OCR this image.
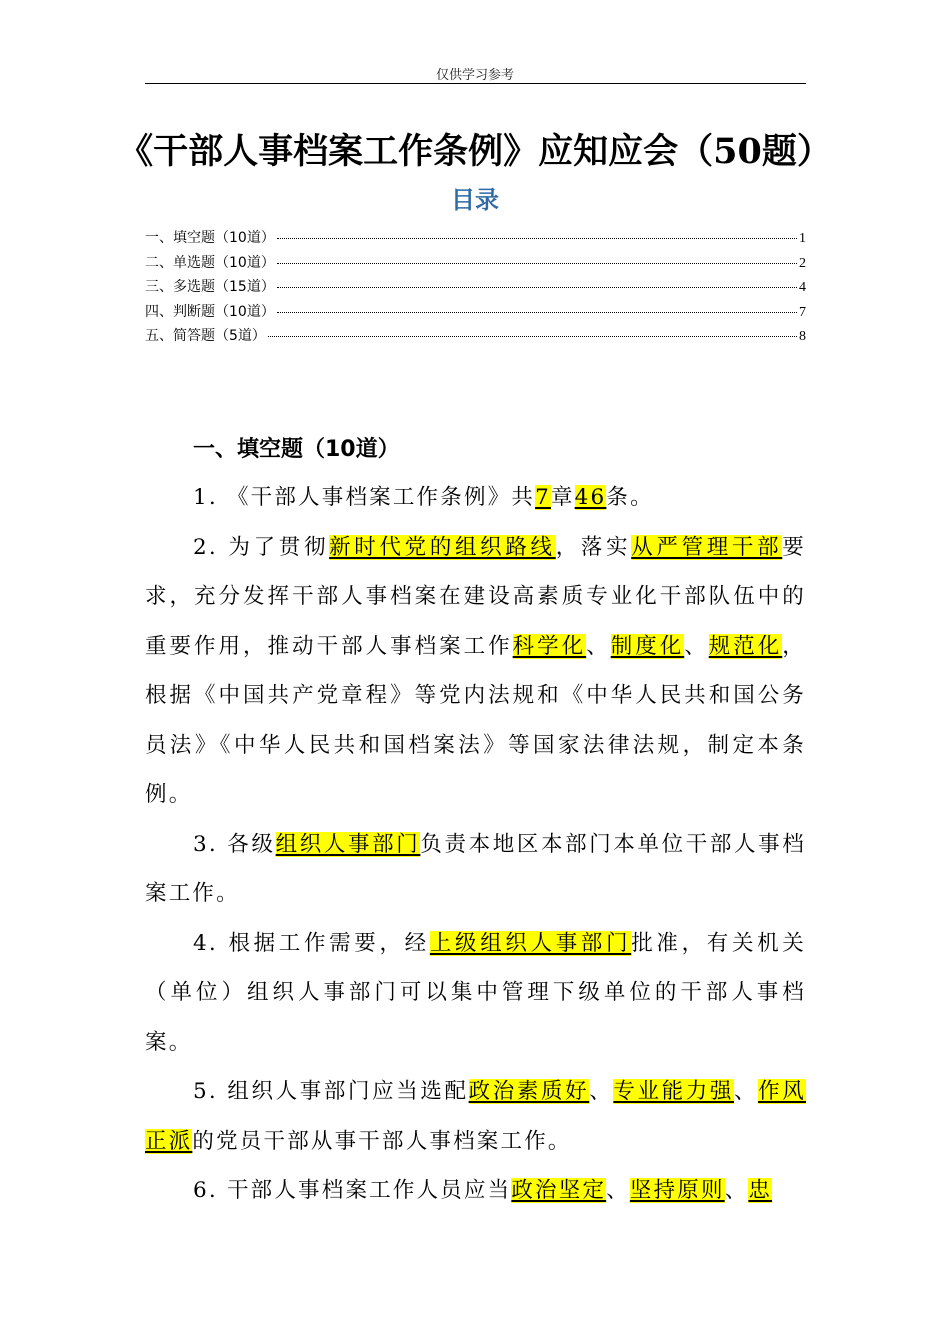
仅供学习参考
《干部人事档案工作条例》应知应会（50题）
目录
一、填空题（10道）	1
二、单选题（10道）	2
三、多选题（15道）	4
四、判断题（10道）	7
五、简答题（5道）	8
一、填空题（10道）

1. 《干部人事档案工作条例》共7章46条。

2. 为了贯彻新时代党的组织路线，落实从严管理干部要求，充分发挥干部人事档案在建设高素质专业化干部队伍中的重要作用，推动干部人事档案工作科学化、制度化、规范化，根据《中国共产党章程》等党内法规和《中华人民共和国公务员法》《中华人民共和国档案法》等国家法律法规，制定本条例。

3. 各级组织人事部门负责本地区本部门本单位干部人事档案工作。

4. 根据工作需要，经上级组织人事部门批准，有关机关（单位）组织人事部门可以集中管理下级单位的干部人事档案。

5. 组织人事部门应当选配政治素质好、专业能力强、作风正派的党员干部从事干部人事档案工作。

6. 干部人事档案工作人员应当政治坚定、坚持原则、忠
